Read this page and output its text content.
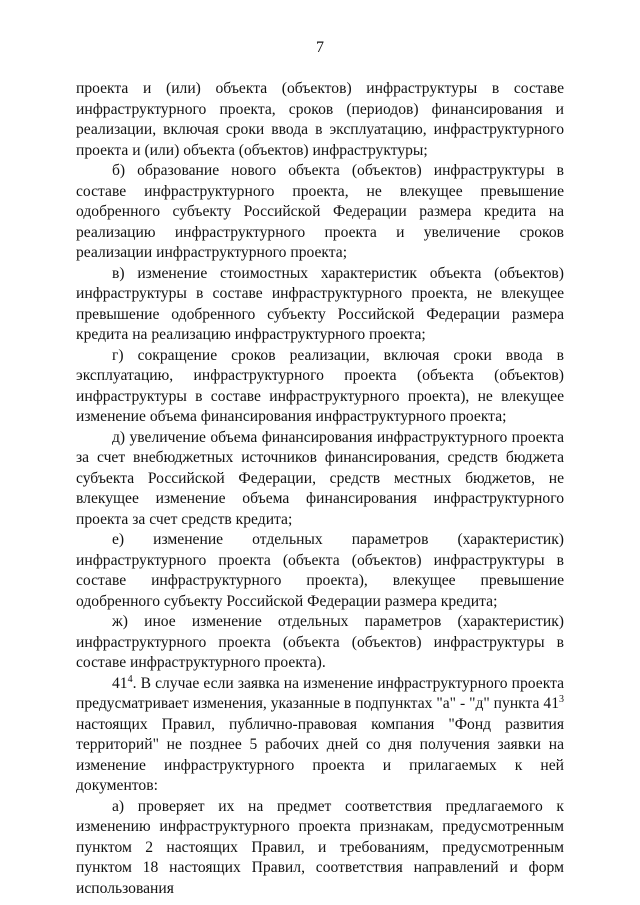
7

проекта и (или) объекта (объектов) инфраструктуры в составе инфраструктурного проекта, сроков (периодов) финансирования и реализации, включая сроки ввода в эксплуатацию, инфраструктурного проекта и (или) объекта (объектов) инфраструктуры;

б) образование нового объекта (объектов) инфраструктуры в составе инфраструктурного проекта, не влекущее превышение одобренного субъекту Российской Федерации размера кредита на реализацию инфраструктурного проекта и увеличение сроков реализации инфраструктурного проекта;

в) изменение стоимостных характеристик объекта (объектов) инфраструктуры в составе инфраструктурного проекта, не влекущее превышение одобренного субъекту Российской Федерации размера кредита на реализацию инфраструктурного проекта;

г) сокращение сроков реализации, включая сроки ввода в эксплуатацию, инфраструктурного проекта (объекта (объектов) инфраструктуры в составе инфраструктурного проекта), не влекущее изменение объема финансирования инфраструктурного проекта;

д) увеличение объема финансирования инфраструктурного проекта за счет внебюджетных источников финансирования, средств бюджета субъекта Российской Федерации, средств местных бюджетов, не влекущее изменение объема финансирования инфраструктурного проекта за счет средств кредита;

е) изменение отдельных параметров (характеристик) инфраструктурного проекта (объекта (объектов) инфраструктуры в составе инфраструктурного проекта), влекущее превышение одобренного субъекту Российской Федерации размера кредита;

ж) иное изменение отдельных параметров (характеристик) инфраструктурного проекта (объекта (объектов) инфраструктуры в составе инфраструктурного проекта).

$41^4$. В случае если заявка на изменение инфраструктурного проекта предусматривает изменения, указанные в подпунктах "а" - "д" пункта $41^3$ настоящих Правил, публично-правовая компания "Фонд развития территорий" не позднее 5 рабочих дней со дня получения заявки на изменение инфраструктурного проекта и прилагаемых к ней документов:

а) проверяет их на предмет соответствия предлагаемого к изменению инфраструктурного проекта признакам, предусмотренным пунктом 2 настоящих Правил, и требованиям, предусмотренным пунктом 18 настоящих Правил, соответствия направлений и форм использования
